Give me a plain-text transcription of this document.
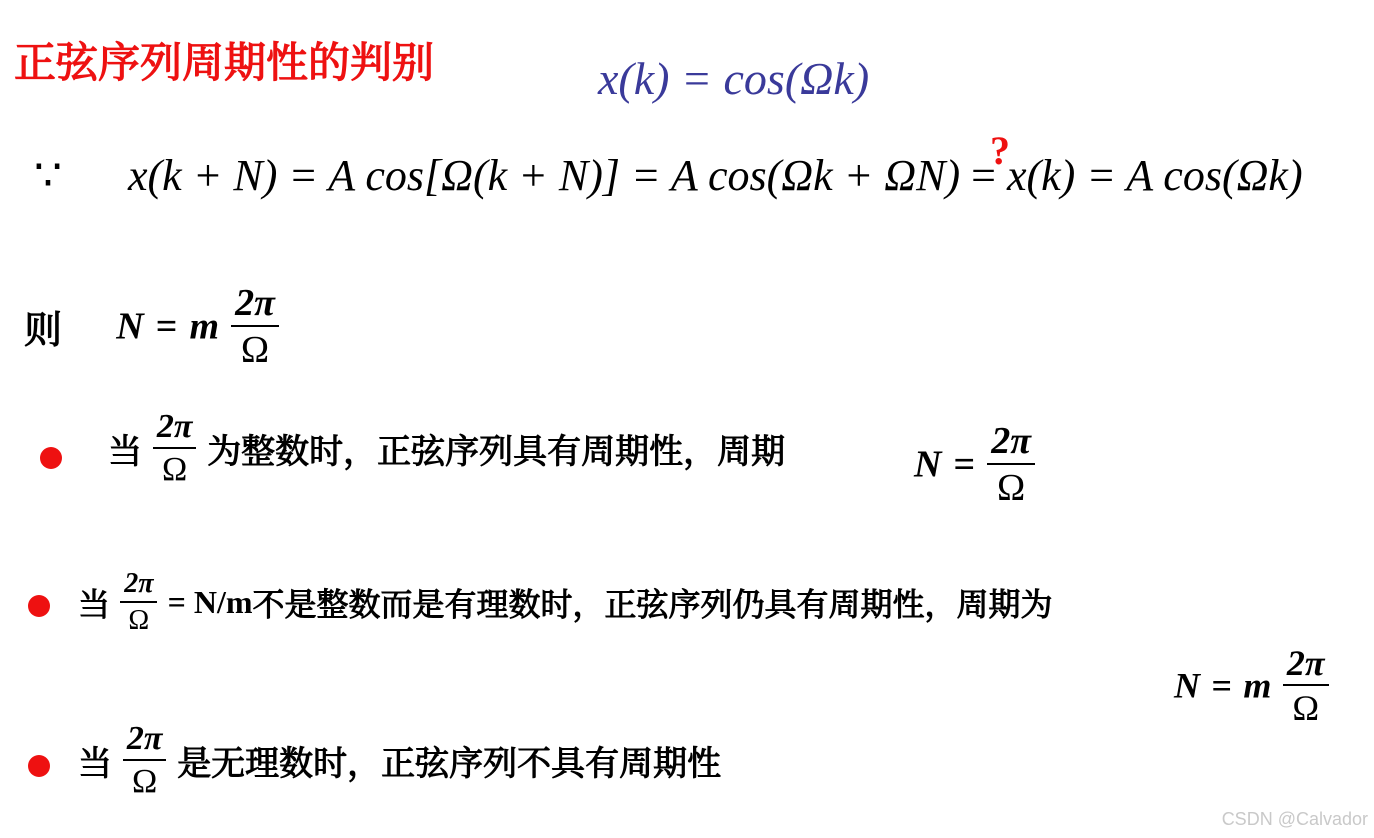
正弦序列周期性的判别	x(k) = cos(Ωk)
∵ x(k + N) = A cos[Ω(k + N)] = A cos(Ωk + ΩN) = x(k) = A cos(Ωk)
?
则 N = m $\frac{2\pi}{\Omega}$
当 $\frac{2\pi}{\Omega}$ 为整数时，正弦序列具有周期性，周期	$N = \frac{2\pi}{\Omega}$
当 $\frac{2\pi}{\Omega} = N/m$不是整数而是有理数时，正弦序列仍具有周期性，周期为
N = m $\frac{2\pi}{\Omega}$
当 $\frac{2\pi}{\Omega}$ 是无理数时，正弦序列不具有周期性
CSDN @Calvador
